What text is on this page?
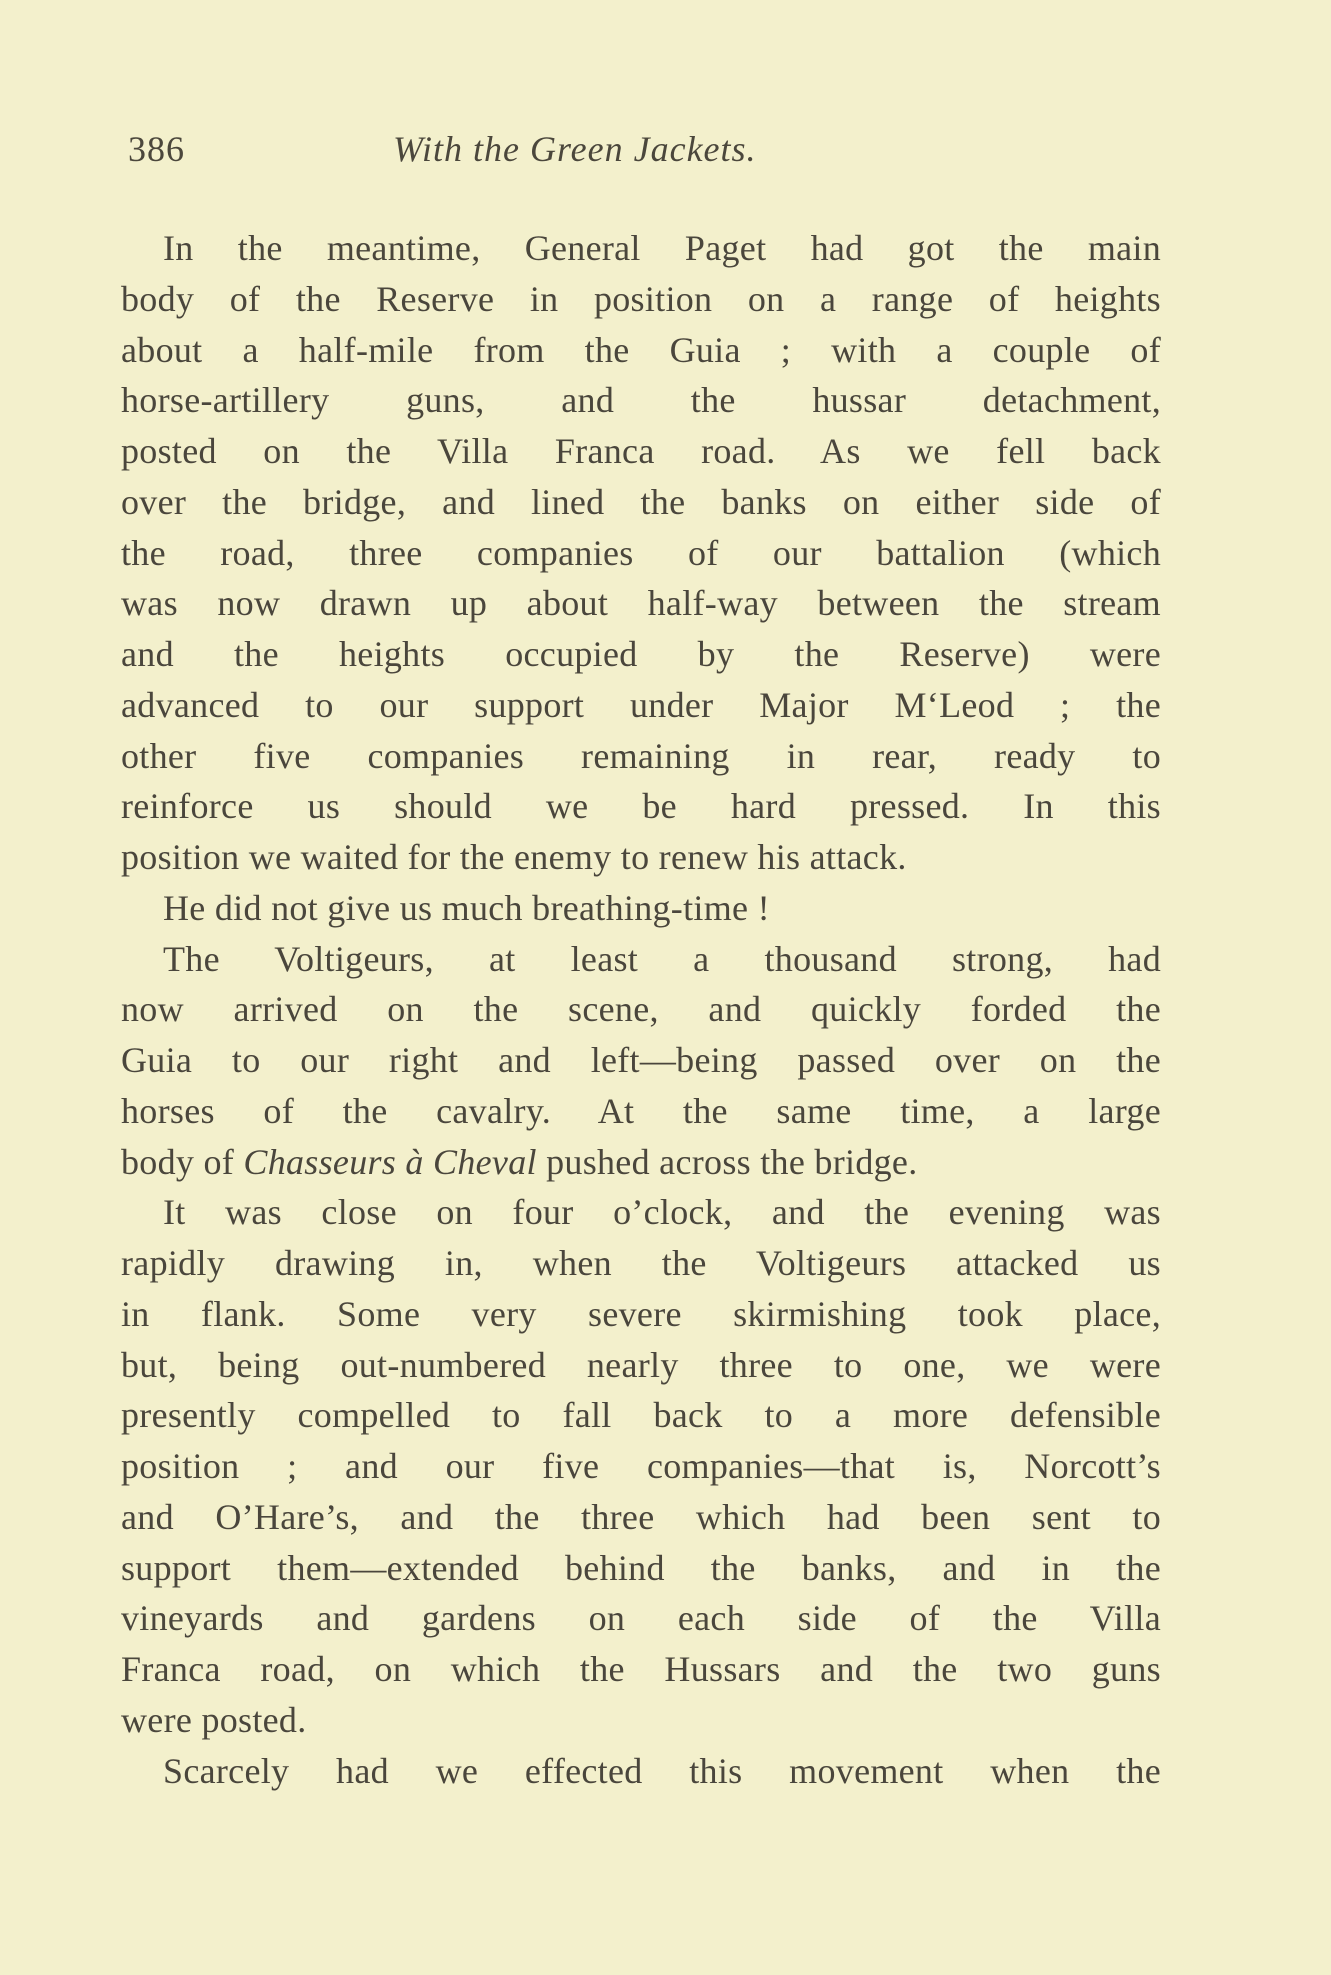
386	With the Green Jackets.
In the meantime, General Paget had got the main
body of the Reserve in position on a range of heights
about a half-mile from the Guia ; with a couple of
horse-artillery guns, and the hussar detachment,
posted on the Villa Franca road. As we fell back
over the bridge, and lined the banks on either side of
the road, three companies of our battalion (which
was now drawn up about half-way between the stream
and the heights occupied by the Reserve) were
advanced to our support under Major M‘Leod ; the
other five companies remaining in rear, ready to
reinforce us should we be hard pressed. In this
position we waited for the enemy to renew his attack.
He did not give us much breathing-time !
The Voltigeurs, at least a thousand strong, had
now arrived on the scene, and quickly forded the
Guia to our right and left—being passed over on the
horses of the cavalry. At the same time, a large
body of Chasseurs à Cheval pushed across the bridge.
It was close on four o’clock, and the evening was
rapidly drawing in, when the Voltigeurs attacked us
in flank. Some very severe skirmishing took place,
but, being out-numbered nearly three to one, we were
presently compelled to fall back to a more defensible
position ; and our five companies—that is, Norcott’s
and O’Hare’s, and the three which had been sent to
support them—extended behind the banks, and in the
vineyards and gardens on each side of the Villa
Franca road, on which the Hussars and the two guns
were posted.
Scarcely had we effected this movement when the
